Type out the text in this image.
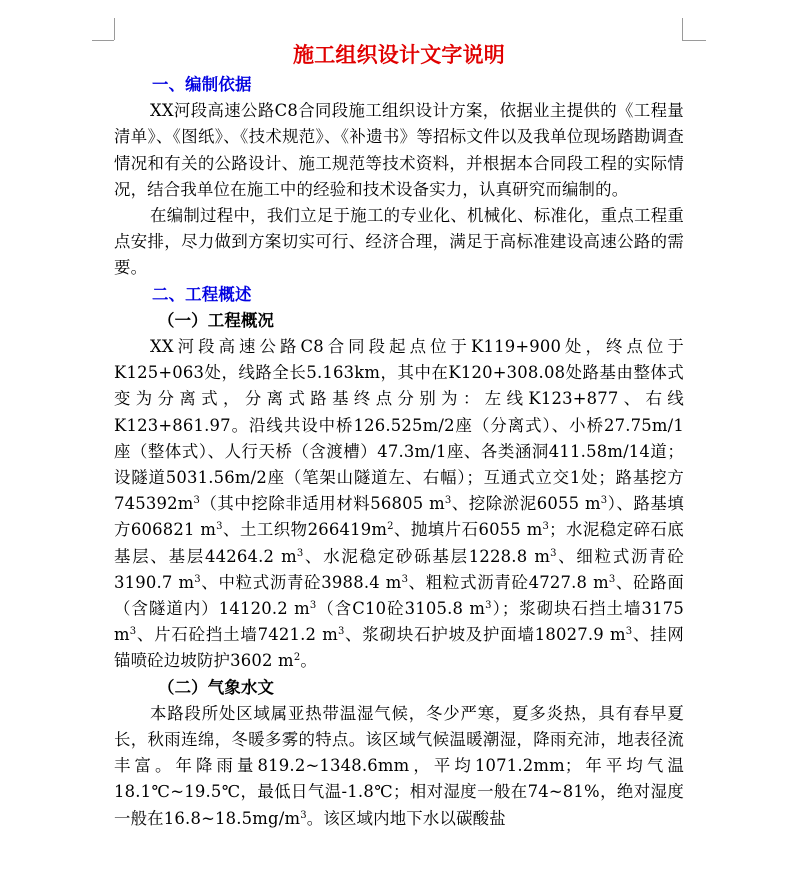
施工组织设计文字说明

一、编制依据

XX河段高速公路C8合同段施工组织设计方案，依据业主提供的《工程量清单》、《图纸》、《技术规范》、《补遗书》等招标文件以及我单位现场踏勘调查情况和有关的公路设计、施工规范等技术资料，并根据本合同段工程的实际情况，结合我单位在施工中的经验和技术设备实力，认真研究而编制的。

在编制过程中，我们立足于施工的专业化、机械化、标准化，重点工程重点安排，尽力做到方案切实可行、经济合理，满足于高标准建设高速公路的需要。

二、工程概述

（一）工程概况

XX河段高速公路C8合同段起点位于K119+900处，终点位于K125+063处，线路全长5.163km，其中在K120+308.08处路基由整体式变为分离式，分离式路基终点分别为：左线K123+877、右线K123+861.97。沿线共设中桥126.525m/2座（分离式）、小桥27.75m/1座（整体式）、人行天桥（含渡槽）47.3m/1座、各类涵洞411.58m/14道；设隧道5031.56m/2座（笔架山隧道左、右幅）；互通式立交1处；路基挖方$745392m^3$（其中挖除非适用材料56805 $m^3$、挖除淤泥6055 $m^3$）、路基填方606821 $m^3$、土工织物$266419m^2$、抛填片石6055 $m^3$；水泥稳定碎石底基层、基层44264.2 $m^3$、水泥稳定砂砾基层1228.8 $m^3$、细粒式沥青砼3190.7 $m^3$、中粒式沥青砼3988.4 $m^3$、粗粒式沥青砼4727.8 $m^3$、砼路面（含隧道内）14120.2 $m^3$（含C10砼3105.8 $m^3$）；浆砌块石挡土墙3175 $m^3$、片石砼挡土墙7421.2 $m^3$、浆砌块石护坡及护面墙18027.9 $m^3$、挂网锚喷砼边坡防护3602 $m^2$。

（二）气象水文

本路段所处区域属亚热带温湿气候，冬少严寒，夏多炎热，具有春早夏长，秋雨连绵，冬暖多雾的特点。该区域气候温暖潮湿，降雨充沛，地表径流丰富。年降雨量819.2~1348.6mm，平均1071.2mm；年平均气温18.1℃~19.5℃，最低日气温-1.8℃；相对湿度一般在74~81%，绝对湿度一般在$16.8\sim 18.5mg/m^3$。该区域内地下水以碳酸盐
